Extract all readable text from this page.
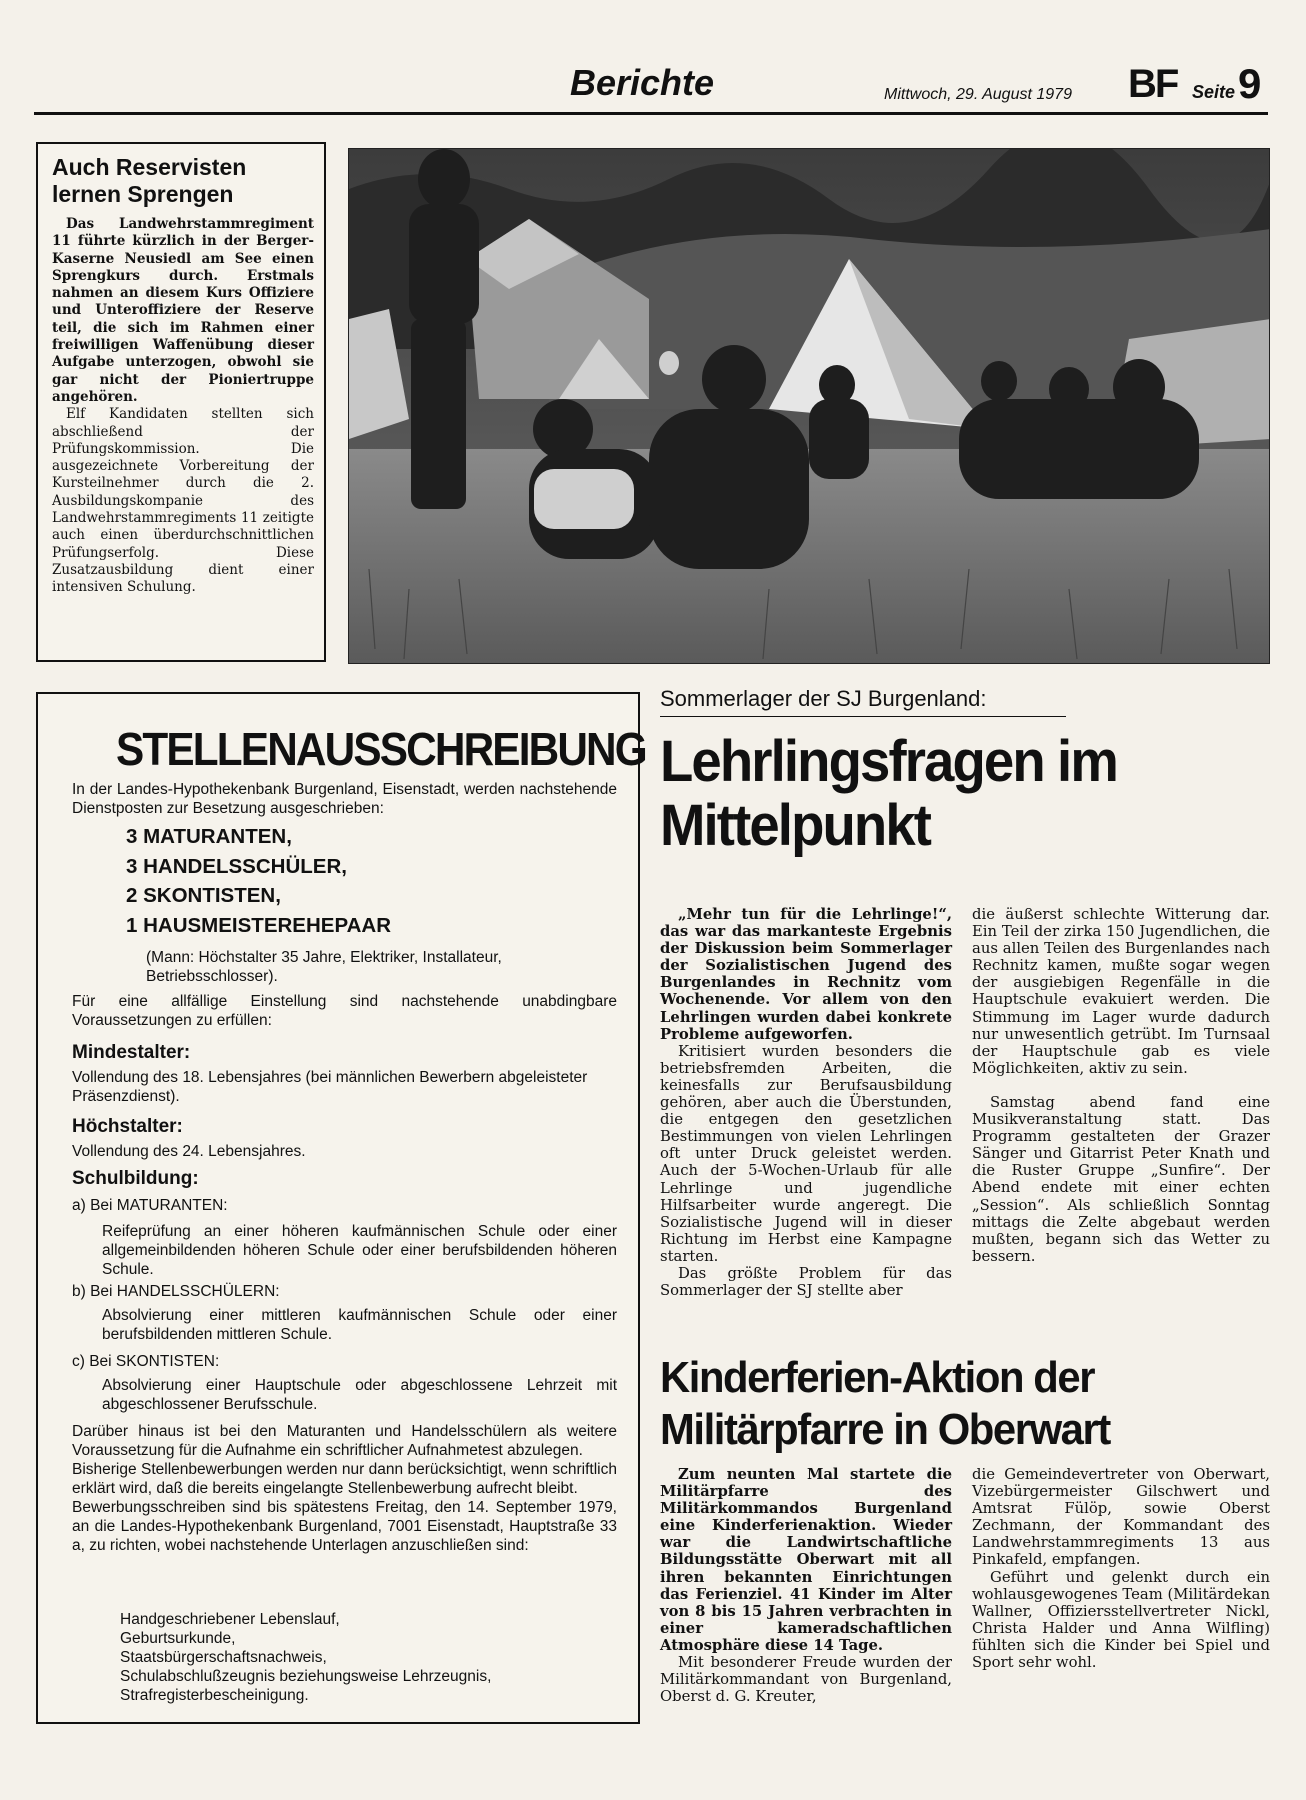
Berichte	Mittwoch, 29. August 1979 BF Seite 9
Auch Reservisten lernen Sprengen

Das Landwehrstammregiment 11 führte kürzlich in der Berger-Kaserne Neusiedl am See einen Sprengkurs durch. Erstmals nahmen an diesem Kurs Offiziere und Unteroffiziere der Reserve teil, die sich im Rahmen einer freiwilligen Waffenübung dieser Aufgabe unterzogen, obwohl sie gar nicht der Pioniertruppe angehören.

Elf Kandidaten stellten sich abschließend der Prüfungskommission. Die ausgezeichnete Vorbereitung der Kursteilnehmer durch die 2. Ausbildungskompanie des Landwehrstammregiments 11 zeitigte auch einen überdurchschnittlichen Prüfungserfolg. Diese Zusatzausbildung dient einer intensiven Schulung.

STELLENAUSSCHREIBUNG
In der Landes-Hypothekenbank Burgenland, Eisenstadt, werden nachstehende Dienstposten zur Besetzung ausgeschrieben:
3 MATURANTEN,
3 HANDELSSCHÜLER,
2 SKONTISTEN,
1 HAUSMEISTEREHEPAAR
(Mann: Höchstalter 35 Jahre, Elektriker, Installateur, Betriebsschlosser).
Für eine allfällige Einstellung sind nachstehende unabdingbare Voraussetzungen zu erfüllen:
Mindestalter:
Vollendung des 18. Lebensjahres (bei männlichen Bewerbern abgeleisteter Präsenzdienst).
Höchstalter:
Vollendung des 24. Lebensjahres.
Schulbildung:
a) Bei MATURANTEN:
Reifeprüfung an einer höheren kaufmännischen Schule oder einer allgemeinbildenden höheren Schule oder einer berufsbildenden höheren Schule.
b) Bei HANDELSSCHÜLERN:
Absolvierung einer mittleren kaufmännischen Schule oder einer berufsbildenden mittleren Schule.
c) Bei SKONTISTEN:
Absolvierung einer Hauptschule oder abgeschlossene Lehrzeit mit abgeschlossener Berufsschule.
Darüber hinaus ist bei den Maturanten und Handelsschülern als weitere Voraussetzung für die Aufnahme ein schriftlicher Aufnahmetest abzulegen.
Bisherige Stellenbewerbungen werden nur dann berücksichtigt, wenn schriftlich erklärt wird, daß die bereits eingelangte Stellenbewerbung aufrecht bleibt.
Bewerbungsschreiben sind bis spätestens Freitag, den 14. September 1979, an die Landes-Hypothekenbank Burgenland, 7001 Eisenstadt, Hauptstraße 33 a, zu richten, wobei nachstehende Unterlagen anzuschließen sind:
Handgeschriebener Lebenslauf,
Geburtsurkunde,
Staatsbürgerschaftsnachweis,
Schulabschlußzeugnis beziehungsweise Lehrzeugnis,
Strafregisterbescheinigung.
Sommerlager der SJ Burgenland:
Lehrlingsfragen im Mittelpunkt

„Mehr tun für die Lehrlinge!“, das war das markanteste Ergebnis der Diskussion beim Sommerlager der Sozialistischen Jugend des Burgenlandes in Rechnitz vom Wochenende. Vor allem von den Lehrlingen wurden dabei konkrete Probleme aufgeworfen.

Kritisiert wurden besonders die betriebsfremden Arbeiten, die keinesfalls zur Berufsausbildung gehören, aber auch die Überstunden, die entgegen den gesetzlichen Bestimmungen von vielen Lehrlingen oft unter Druck geleistet werden. Auch der 5-Wochen-Urlaub für alle Lehrlinge und jugendliche Hilfsarbeiter wurde angeregt. Die Sozialistische Jugend will in dieser Richtung im Herbst eine Kampagne starten.

Das größte Problem für das Sommerlager der SJ stellte aber

die äußerst schlechte Witterung dar. Ein Teil der zirka 150 Jugendlichen, die aus allen Teilen des Burgenlandes nach Rechnitz kamen, mußte sogar wegen der ausgiebigen Regenfälle in die Hauptschule evakuiert werden. Die Stimmung im Lager wurde dadurch nur unwesentlich getrübt. Im Turnsaal der Hauptschule gab es viele Möglichkeiten, aktiv zu sein.

Samstag abend fand eine Musikveranstaltung statt. Das Programm gestalteten der Grazer Sänger und Gitarrist Peter Knath und die Ruster Gruppe „Sunfire“. Der Abend endete mit einer echten „Session“. Als schließlich Sonntag mittags die Zelte abgebaut werden mußten, begann sich das Wetter zu bessern.

Kinderferien-Aktion der Militärpfarre in Oberwart

Zum neunten Mal startete die Militärpfarre des Militärkommandos Burgenland eine Kinderferienaktion. Wieder war die Landwirtschaftliche Bildungsstätte Oberwart mit all ihren bekannten Einrichtungen das Ferienziel. 41 Kinder im Alter von 8 bis 15 Jahren verbrachten in einer kameradschaftlichen Atmosphäre diese 14 Tage.

Mit besonderer Freude wurden der Militärkommandant von Burgenland, Oberst d. G. Kreuter,

die Gemeindevertreter von Oberwart, Vizebürgermeister Gilschwert und Amtsrat Fülöp, sowie Oberst Zechmann, der Kommandant des Landwehrstammregiments 13 aus Pinkafeld, empfangen.

Geführt und gelenkt durch ein wohlausgewogenes Team (Militärdekan Wallner, Offiziersstellvertreter Nickl, Christa Halder und Anna Wilfling) fühlten sich die Kinder bei Spiel und Sport sehr wohl.
